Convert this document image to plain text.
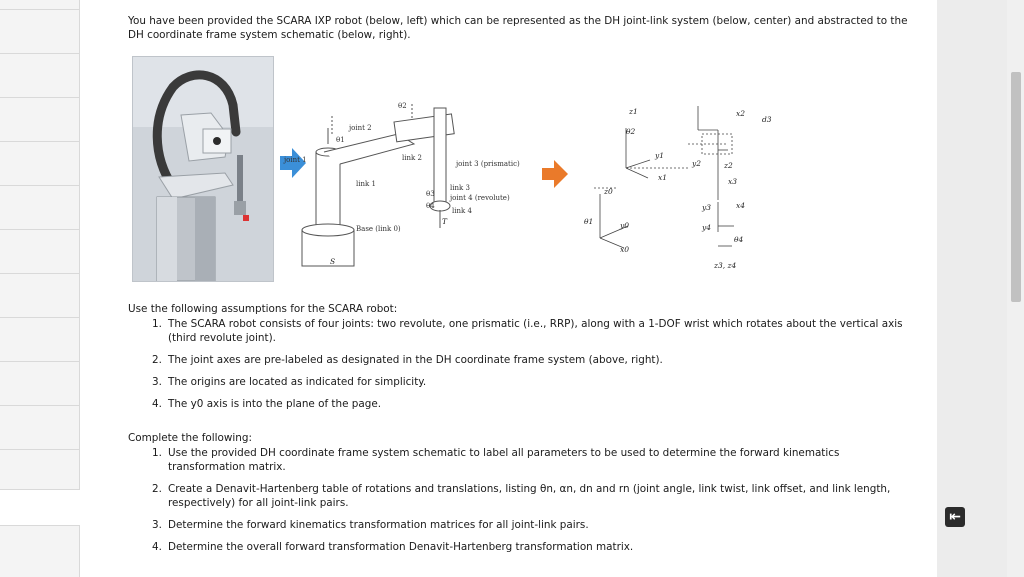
⇤

You have been provided the SCARA IXP robot (below, left) which can be represented as the DH joint-link system (below, center) and abstracted to the DH coordinate frame system schematic (below, right).

joint 2
θ2
θ1
joint 1	link 2
joint 3 (prismatic)
link 1	link 3
joint 4 (revolute)
link 4
θ3
θ4
Base (link 0)
T
S
θ2
z1
y1
x1
z0
y0
x0
θ1
x2
d3
y2	z2
x3
y3	x4
y4
θ4
z3, z4

Use the following assumptions for the SCARA robot:

The SCARA robot consists of four joints: two revolute, one prismatic (i.e., RRP), along with a 1-DOF wrist which rotates about the vertical axis (third revolute joint).
The joint axes are pre-labeled as designated in the DH coordinate frame system (above, right).
The origins are located as indicated for simplicity.
The y0 axis is into the plane of the page.

Complete the following:

Use the provided DH coordinate frame system schematic to label all parameters to be used to determine the forward kinematics transformation matrix.
Create a Denavit-Hartenberg table of rotations and translations, listing θn, αn, dn and rn (joint angle, link twist, link offset, and link length, respectively) for all joint-link pairs.
Determine the forward kinematics transformation matrices for all joint-link pairs.
Determine the overall forward transformation Denavit-Hartenberg transformation matrix.
